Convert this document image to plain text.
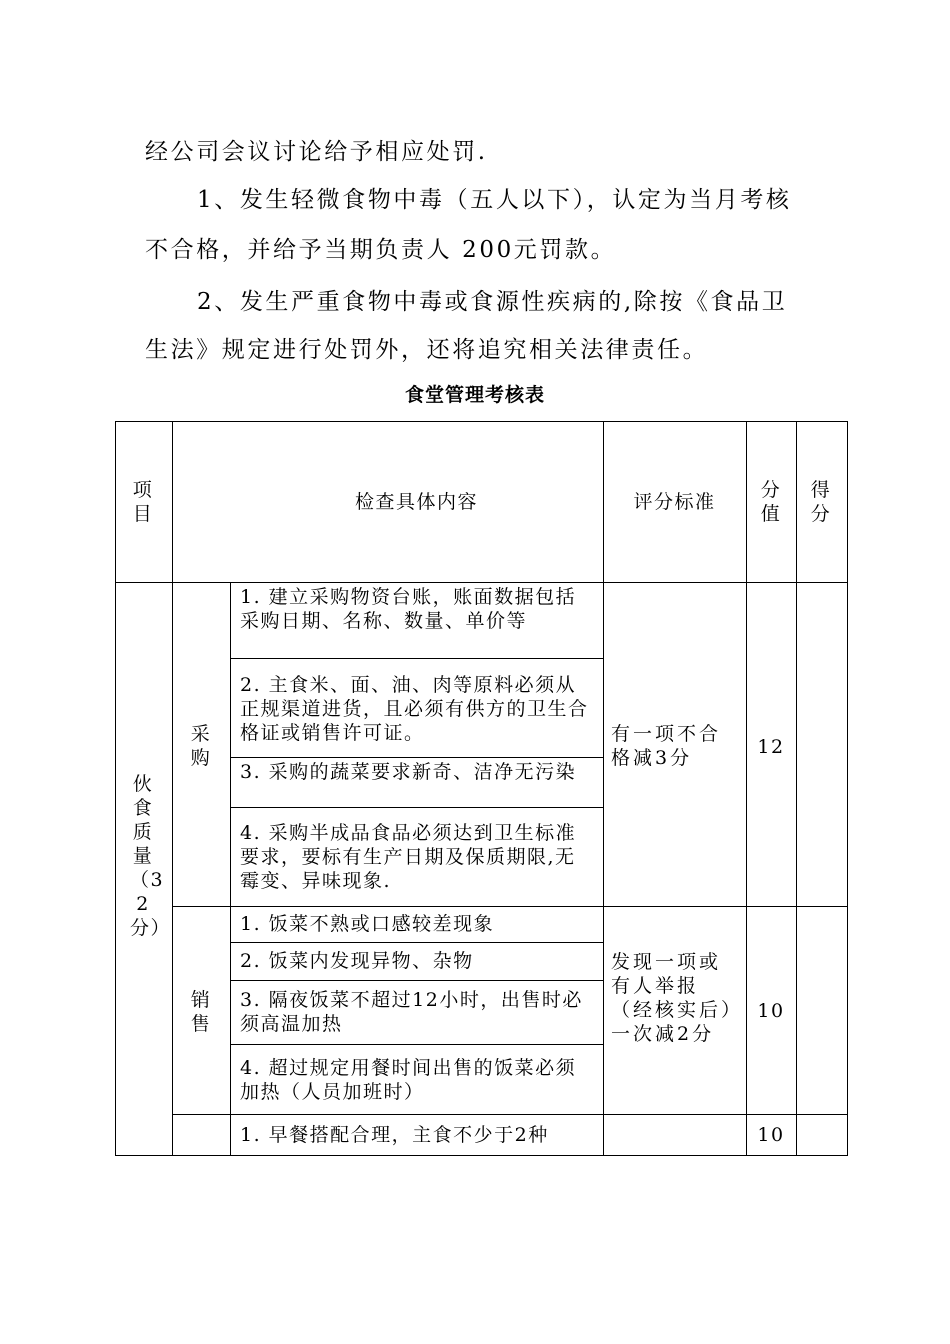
经公司会议讨论给予相应处罚.
1、发生轻微食物中毒（五人以下），认定为当月考核
不合格，并给予当期负责人 200元罚款。
2、发生严重食物中毒或食源性疾病的,除按《食品卫
生法》规定进行处罚外，还将追究相关法律责任。
食堂管理考核表
项目
检查具体内容	评分标准
分值
得分
伙食质量（32分）
采购
销售
1. 建立采购物资台账，账面数据包括采购日期、名称、数量、单价等
2. 主食米、面、油、肉等原料必须从正规渠道进货，且必须有供方的卫生合格证或销售许可证。
3. 采购的蔬菜要求新奇、洁净无污染
4. 采购半成品食品必须达到卫生标准要求，要标有生产日期及保质期限,无霉变、异味现象.
1. 饭菜不熟或口感较差现象
2. 饭菜内发现异物、杂物
3. 隔夜饭菜不超过12小时，出售时必须高温加热
4. 超过规定用餐时间出售的饭菜必须加热（人员加班时）
1. 早餐搭配合理，主食不少于2种
有一项不合格减3分
发现一项或有人举报（经核实后）一次减2分
12
10
10
